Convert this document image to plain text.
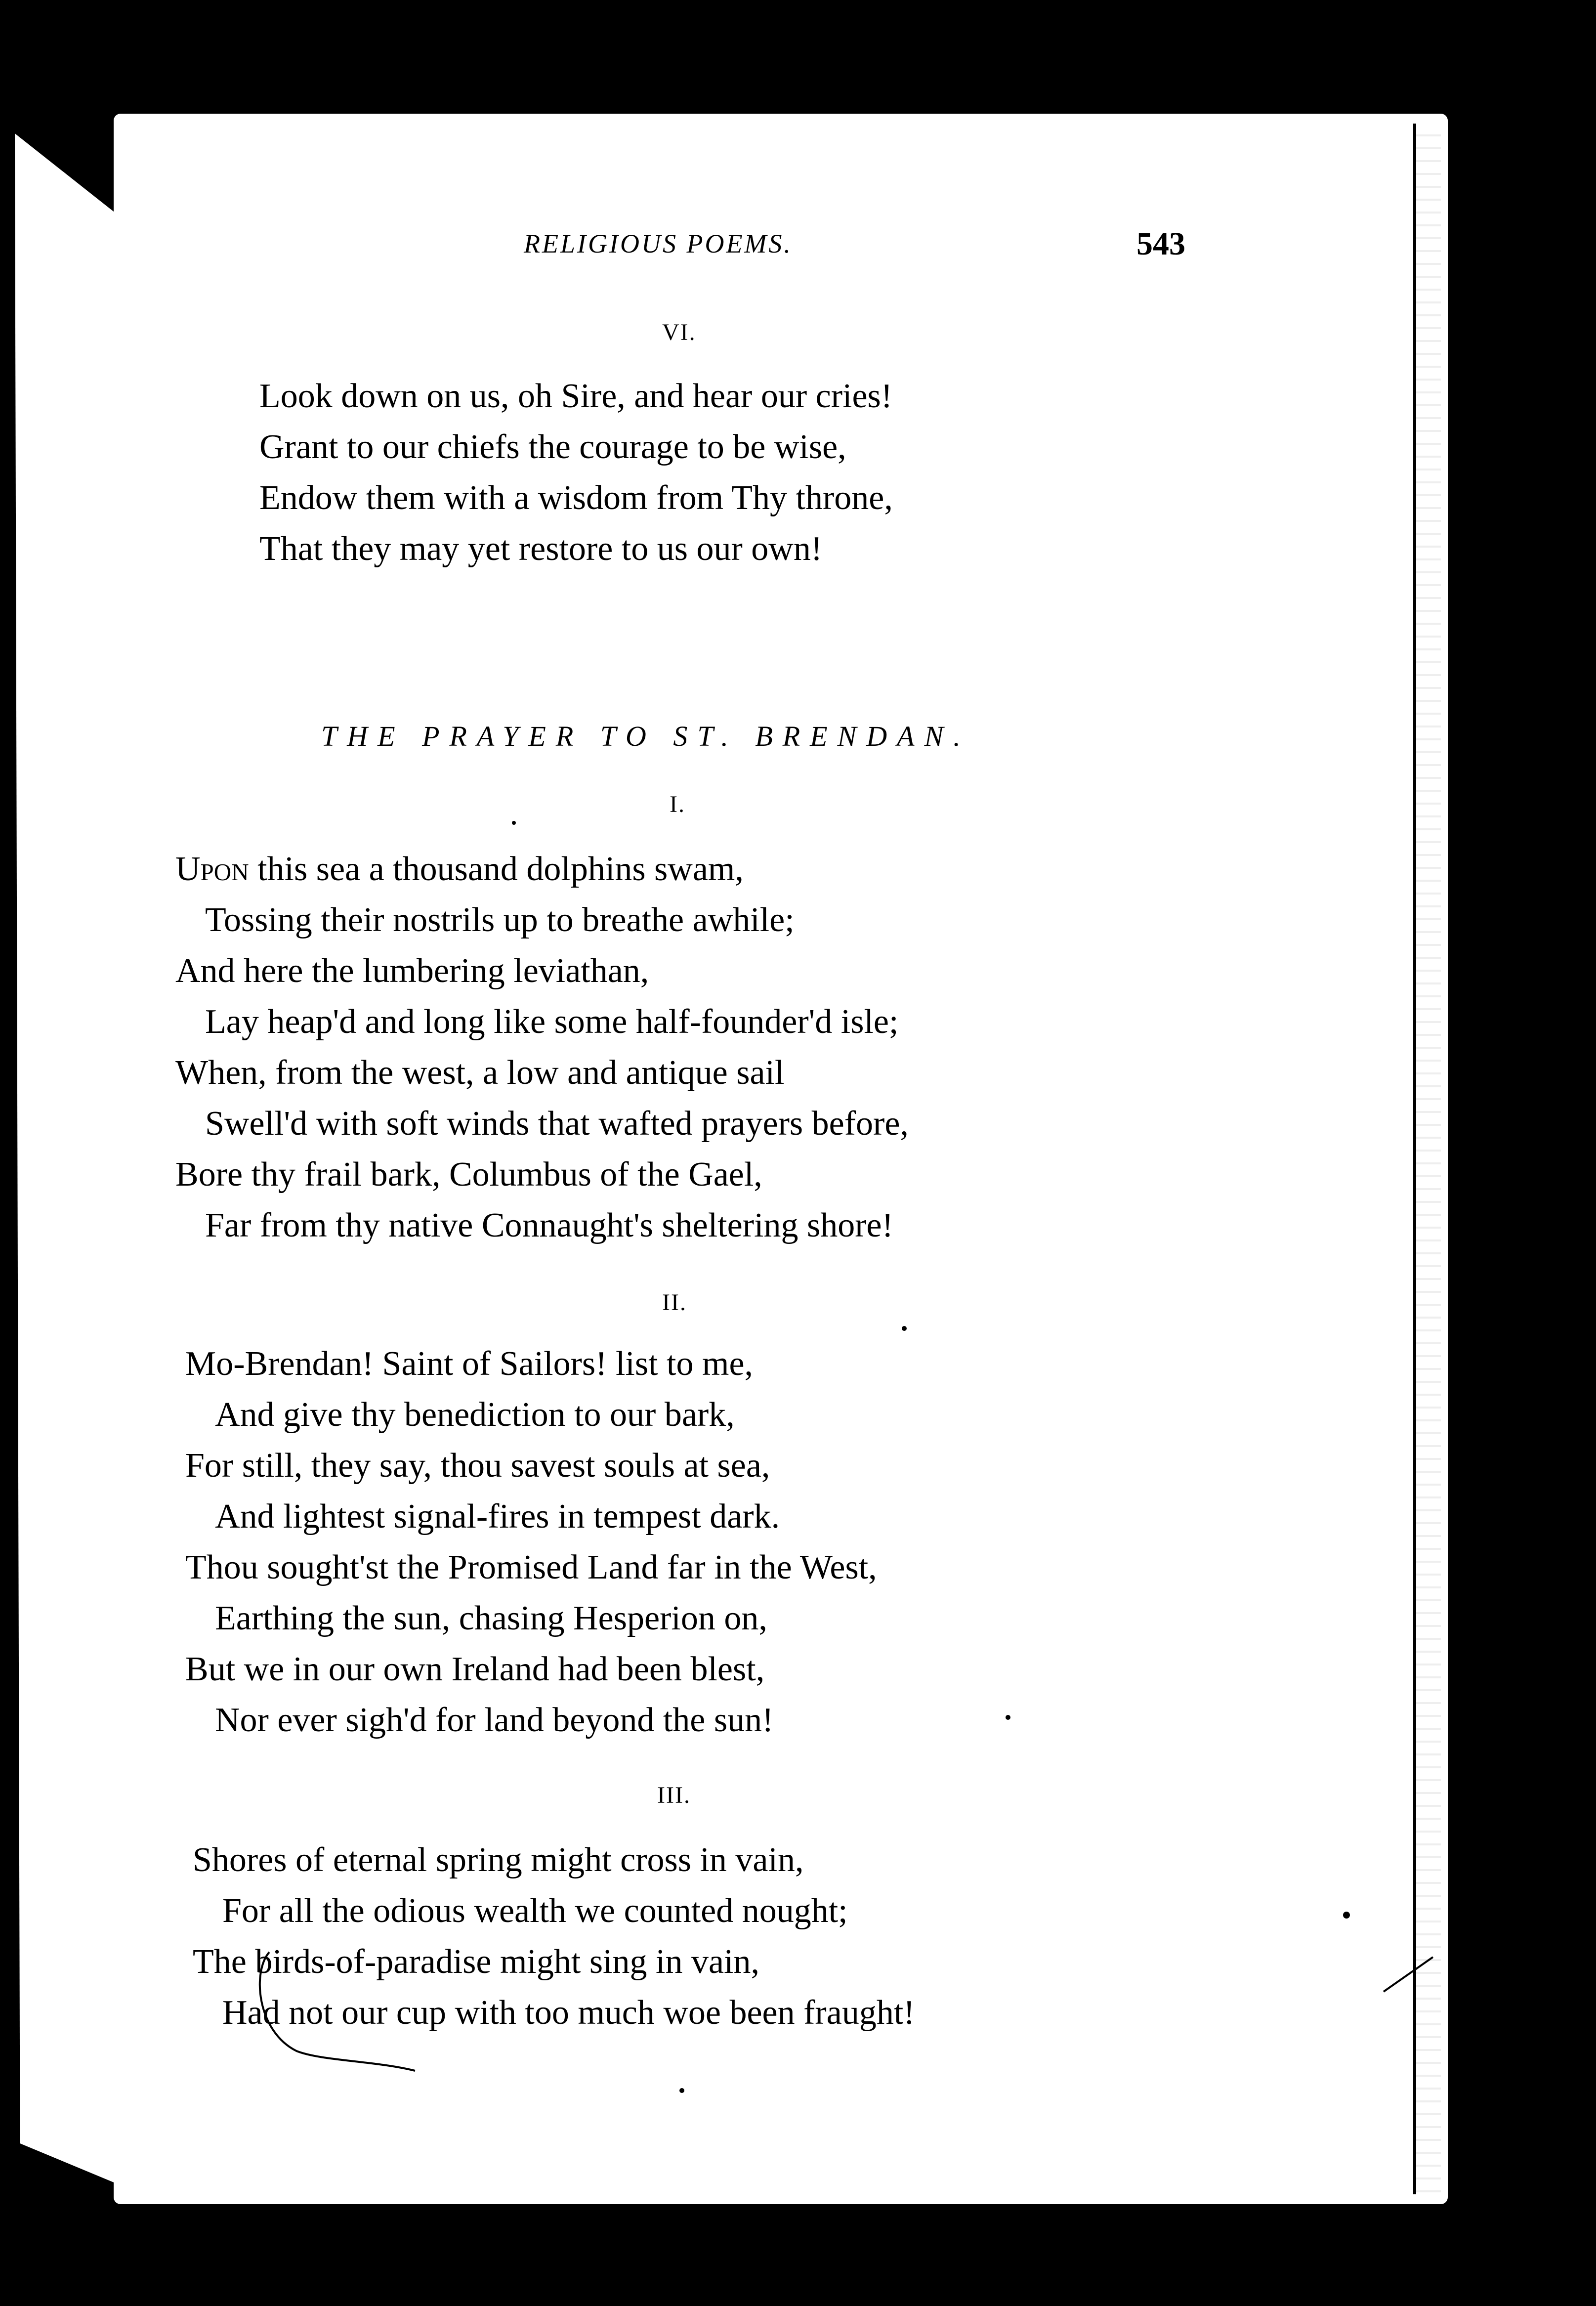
RELIGIOUS POEMS.	543
VI.
Look down on us, oh Sire, and hear our cries!
Grant to our chiefs the courage to be wise,
Endow them with a wisdom from Thy throne,
That they may yet restore to us our own!
THE PRAYER TO ST. BRENDAN.
I.
Upon this sea a thousand dolphins swam,
Tossing their nostrils up to breathe awhile;
And here the lumbering leviathan,
Lay heap'd and long like some half-founder'd isle;
When, from the west, a low and antique sail
Swell'd with soft winds that wafted prayers before,
Bore thy frail bark, Columbus of the Gael,
Far from thy native Connaught's sheltering shore!
II.
Mo-Brendan! Saint of Sailors! list to me,
And give thy benediction to our bark,
For still, they say, thou savest souls at sea,
And lightest signal-fires in tempest dark.
Thou sought'st the Promised Land far in the West,
Earthing the sun, chasing Hesperion on,
But we in our own Ireland had been blest,
Nor ever sigh'd for land beyond the sun!
III.
Shores of eternal spring might cross in vain,
For all the odious wealth we counted nought;
The birds-of-paradise might sing in vain,
Had not our cup with too much woe been fraught!
